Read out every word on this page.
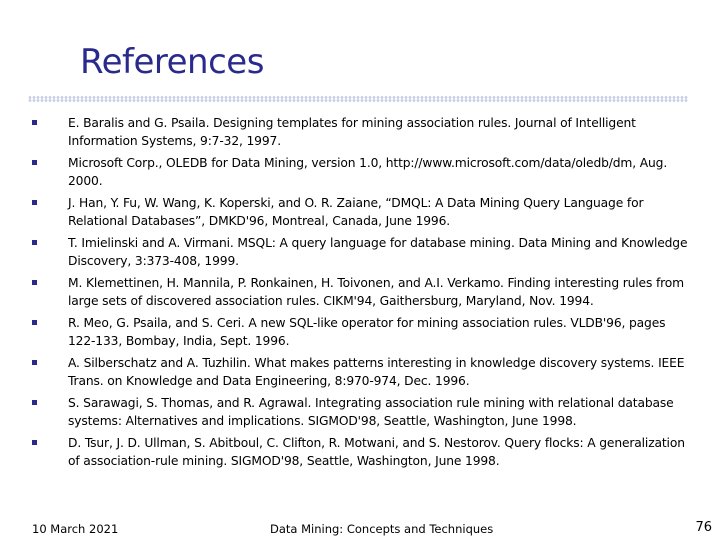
References
E. Baralis and G. Psaila. Designing templates for mining association rules. Journal of Intelligent Information Systems, 9:7-32, 1997.
Microsoft Corp., OLEDB for Data Mining, version 1.0, http://www.microsoft.com/data/oledb/dm, Aug. 2000.
J. Han, Y. Fu, W. Wang, K. Koperski, and O. R. Zaiane, “DMQL: A Data Mining Query Language for Relational Databases”, DMKD'96, Montreal, Canada, June 1996.
T. Imielinski and A. Virmani. MSQL: A query language for database mining. Data Mining and Knowledge Discovery, 3:373-408, 1999.
M. Klemettinen, H. Mannila, P. Ronkainen, H. Toivonen, and A.I. Verkamo. Finding interesting rules from large sets of discovered association rules. CIKM'94, Gaithersburg, Maryland, Nov. 1994.
R. Meo, G. Psaila, and S. Ceri. A new SQL-like operator for mining association rules. VLDB'96, pages 122-133, Bombay, India, Sept. 1996.
A. Silberschatz and A. Tuzhilin. What makes patterns interesting in knowledge discovery systems. IEEE Trans. on Knowledge and Data Engineering, 8:970-974, Dec. 1996.
S. Sarawagi, S. Thomas, and R. Agrawal. Integrating association rule mining with relational database systems: Alternatives and implications. SIGMOD'98, Seattle, Washington, June 1998.
D. Tsur, J. D. Ullman, S. Abitboul, C. Clifton, R. Motwani, and S. Nestorov. Query flocks: A generalization of association-rule mining. SIGMOD'98, Seattle, Washington, June 1998.
10 March 2021	Data Mining: Concepts and Techniques	76
